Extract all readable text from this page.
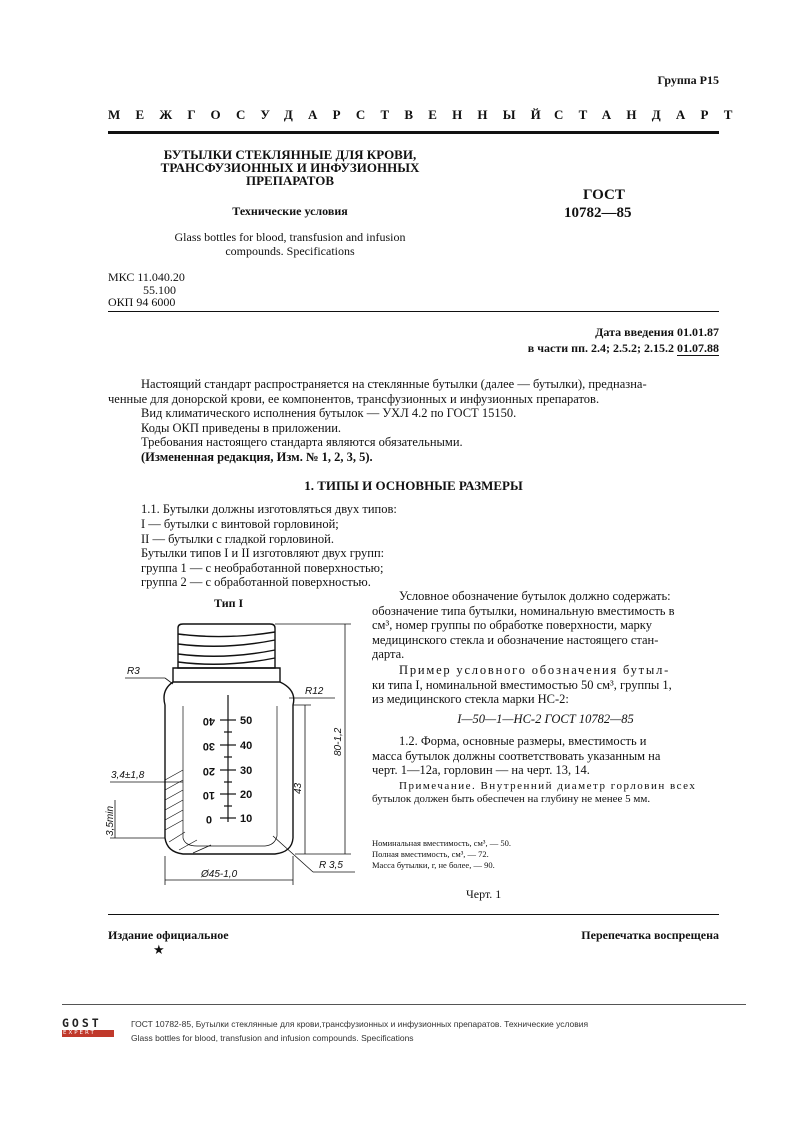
Группа Р15
МЕЖГОСУДАРСТВЕННЫЙ
СТАНДАРТ
БУТЫЛКИ СТЕКЛЯННЫЕ ДЛЯ КРОВИ,
ТРАНСФУЗИОННЫХ И ИНФУЗИОННЫХ
ПРЕПАРАТОВ
Технические условия
Glass bottles for blood, transfusion and infusion
compounds. Specifications
ГОСТ
10782—85
МКС 11.040.20
55.100
ОКП 94 6000
Дата введения 01.01.87
в части пп. 2.4; 2.5.2; 2.15.2 01.07.88

Настоящий стандарт распространяется на стеклянные бутылки (далее — бутылки), предназна-

ченные для донорской крови, ее компонентов, трансфузионных и инфузионных препаратов.

Вид климатического исполнения бутылок — УХЛ 4.2 по ГОСТ 15150.

Коды ОКП приведены в приложении.

Требования настоящего стандарта являются обязательными.

(Измененная редакция, Изм. № 1, 2, 3, 5).

1. ТИПЫ И ОСНОВНЫЕ РАЗМЕРЫ

1.1. Бутылки должны изготовляться двух типов:

I — бутылки с винтовой горловиной;

II — бутылки с гладкой горловиной.

Бутылки типов I и II изготовляют двух групп:

группа 1 — с необработанной поверхностью;

группа 2 — с обработанной поверхностью.

Условное обозначение бутылок должно содержать:

обозначение типа бутылки, номинальную вместимость в

см³, номер группы по обработке поверхности, марку

медицинского стекла и обозначение настоящего стан-

дарта.

Пример условного обозначения бутыл-

ки типа I, номинальной вместимостью 50 см³, группы 1,

из медицинского стекла марки НС-2:

I—50—1—НС-2 ГОСТ 10782—85

1.2. Форма, основные размеры, вместимость и

масса бутылок должны соответствовать указанным на

черт. 1—12а, горловин — на черт. 13, 14.

Примечание. Внутренний диаметр горловин всех

бутылок должен быть обеспечен на глубину не менее 5 мм.

Номинальная вместимость, см³, — 50.
Полная вместимость, см³, — 72.
Масса бутылки, г, не более, — 90.
Черт. 1
Тип I
50
40
30
20
10
40
30
20
10
0
R3
R12
R 3,5
3,4±1,8
Ø45-1,0
80-1,2
43
3,5min
Издание официальное
★
Перепечатка воспрещена
GOST
EXPERT
ГОСТ 10782-85, Бутылки стеклянные для крови,трансфузионных и инфузионных препаратов. Технические условия
Glass bottles for blood, transfusion and infusion compounds. Specifications
